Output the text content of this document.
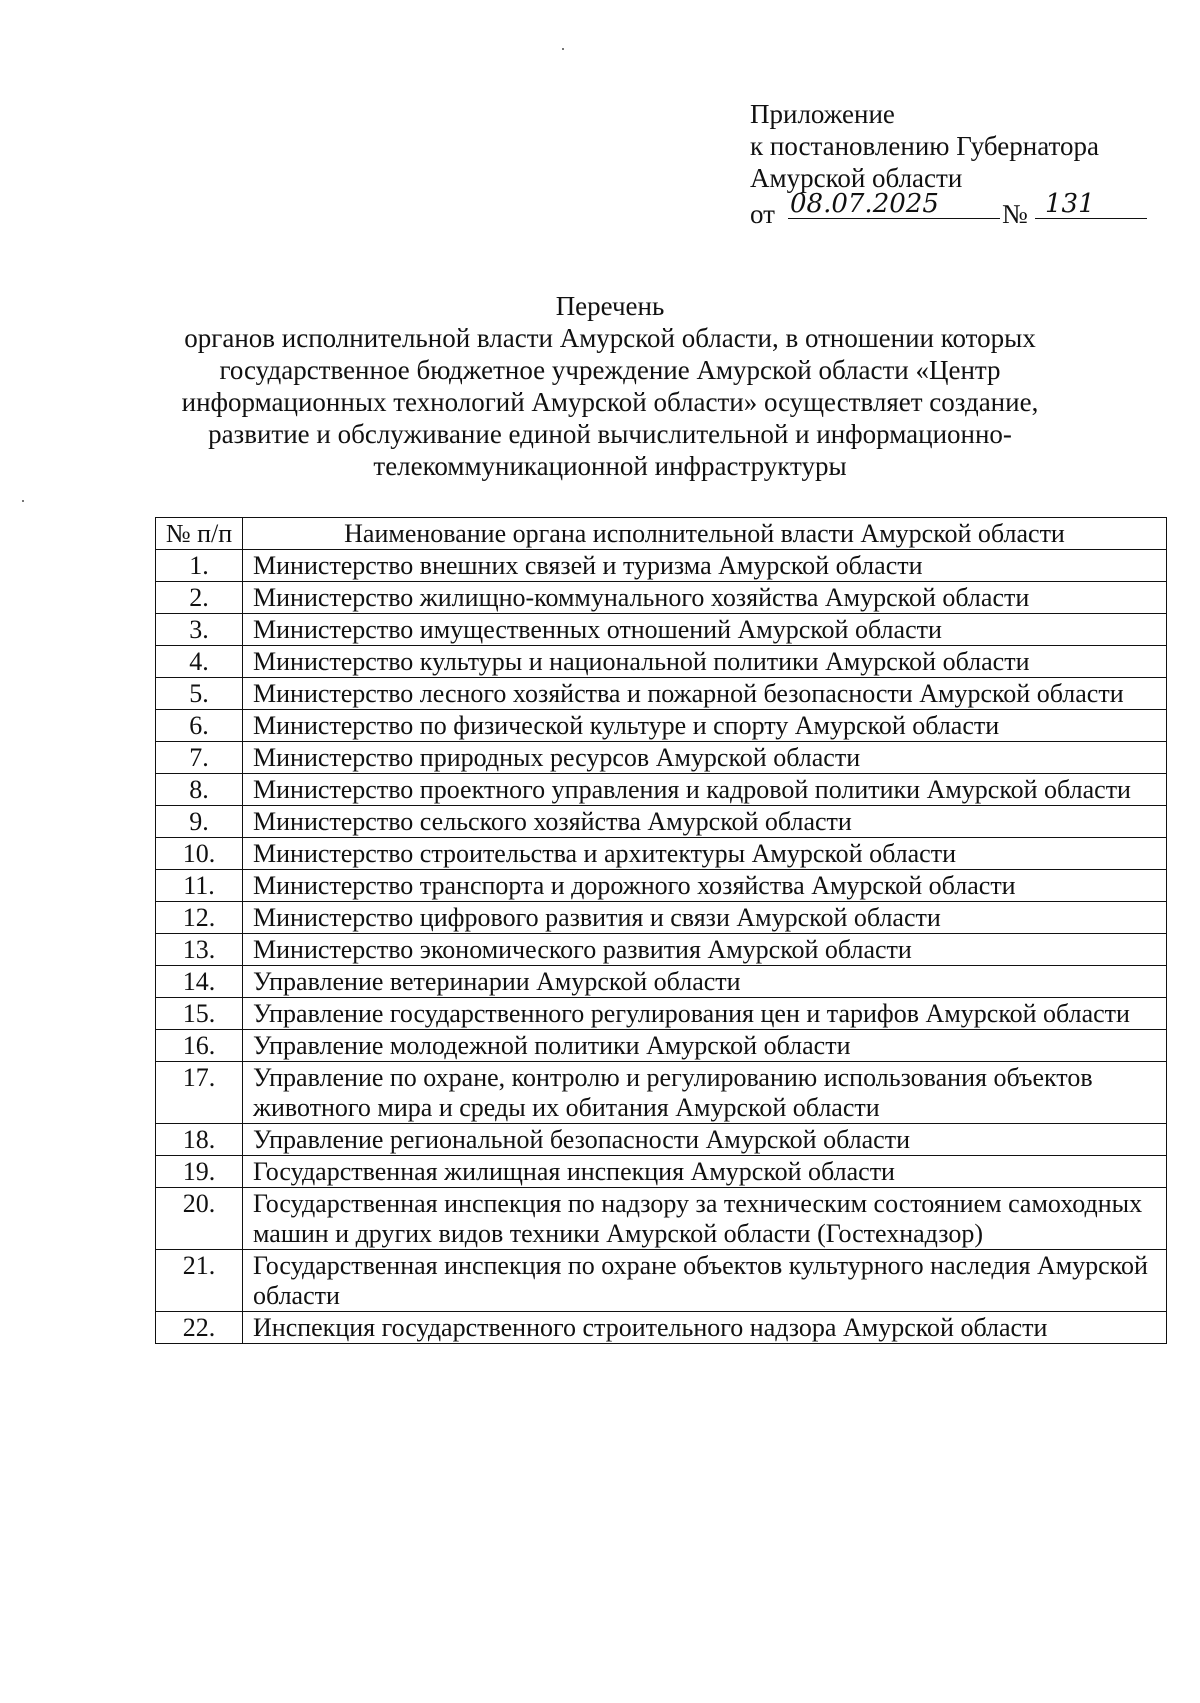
Приложение
к постановлению Губернатора
Амурской области
от 08.07.2025	№ 131
Перечень
органов исполнительной власти Амурской области, в отношении которых
государственное бюджетное учреждение Амурской области «Центр
информационных технологий Амурской области» осуществляет создание,
развитие и обслуживание единой вычислительной и информационно-
телекоммуникационной инфраструктуры
№ п/п	Наименование органа исполнительной власти Амурской области
1.	Министерство внешних связей и туризма Амурской области
2.	Министерство жилищно-коммунального хозяйства Амурской области
3.	Министерство имущественных отношений Амурской области
4.	Министерство культуры и национальной политики Амурской области
5.	Министерство лесного хозяйства и пожарной безопасности Амурской области
6.	Министерство по физической культуре и спорту Амурской области
7.	Министерство природных ресурсов Амурской области
8.	Министерство проектного управления и кадровой политики Амурской области
9.	Министерство сельского хозяйства Амурской области
10.	Министерство строительства и архитектуры Амурской области
11.	Министерство транспорта и дорожного хозяйства Амурской области
12.	Министерство цифрового развития и связи Амурской области
13.	Министерство экономического развития Амурской области
14.	Управление ветеринарии Амурской области
15.	Управление государственного регулирования цен и тарифов Амурской области
16.	Управление молодежной политики Амурской области
17.	Управление по охране, контролю и регулированию использования объектов животного мира и среды их обитания Амурской области
18.	Управление региональной безопасности Амурской области
19.	Государственная жилищная инспекция Амурской области
20.	Государственная инспекция по надзору за техническим состоянием самоходных машин и других видов техники Амурской области (Гостехнадзор)
21.	Государственная инспекция по охране объектов культурного наследия Амурской области
22.	Инспекция государственного строительного надзора Амурской области
